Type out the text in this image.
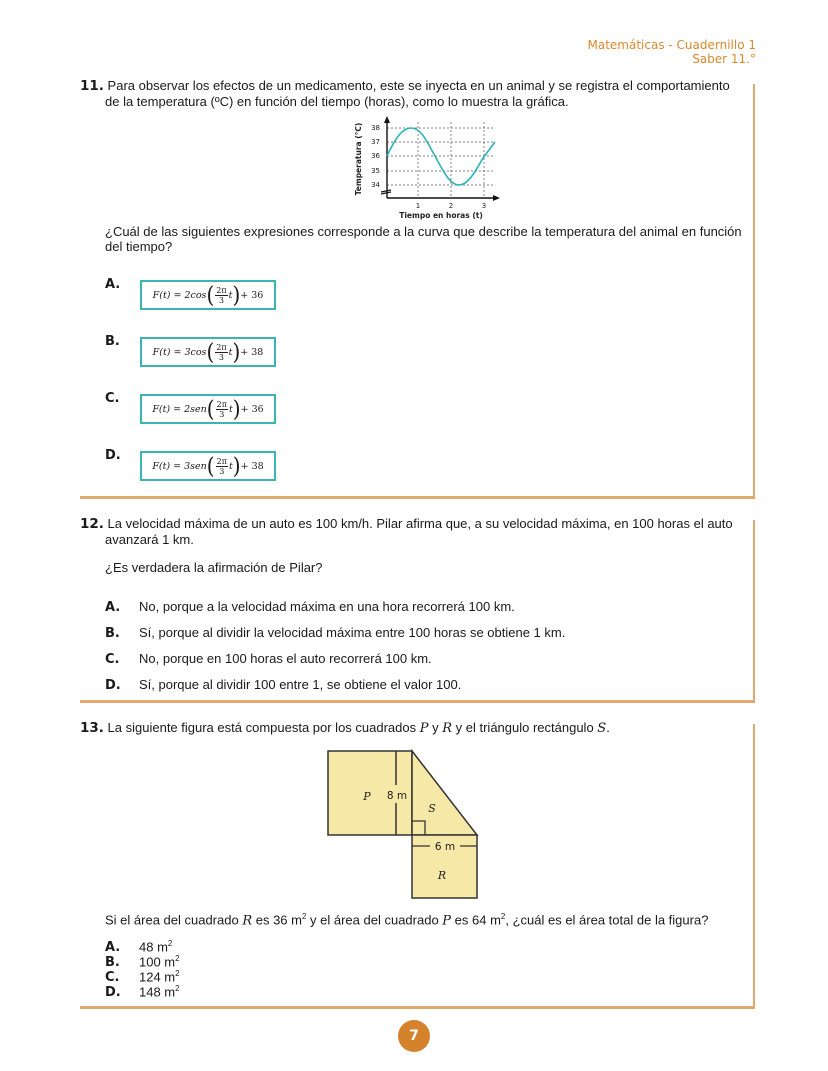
Matemáticas - Cuadernillo 1
Saber 11.°
11. Para observar los efectos de un medicamento, este se inyecta en un animal y se registra el comportamiento
de la temperatura (ºC) en función del tiempo (horas), como lo muestra la gráfica.
38
37
36
35
34
1	2	3
Tiempo en horas (t)
Temperatura (°C)
¿Cuál de las siguientes expresiones corresponde a la curva que describe la temperatura del animal en función
del tiempo?
A.
F(t) = 2cos ( $\frac{2\pi}{3}$ t ) + 36
B.
F(t) = 3cos ( $\frac{2\pi}{3}$ t ) + 38
C.
F(t) = 2sen ( $\frac{2\pi}{3}$ t ) + 36
D.
F(t) = 3sen ( $\frac{2\pi}{3}$ t ) + 38
12. La velocidad máxima de un auto es 100 km/h. Pilar afirma que, a su velocidad máxima, en 100 horas el auto
avanzará 1 km.
¿Es verdadera la afirmación de Pilar?
A. No, porque a la velocidad máxima en una hora recorrerá 100 km.
B. Sí, porque al dividir la velocidad máxima entre 100 horas se obtiene 1 km.
C. No, porque en 100 horas el auto recorrerá 100 km.
D. Sí, porque al dividir 100 entre 1, se obtiene el valor 100.
13. La siguiente figura está compuesta por los cuadrados P y R y el triángulo rectángulo S.
P
S
R
8 m
6 m
Si el área del cuadrado R es 36 $m^2$ y el área del cuadrado P es 64 $m^2$, ¿cuál es el área total de la figura?
A. 48 $m^2$
B. 100 $m^2$
C. 124 $m^2$
D. 148 $m^2$
7
